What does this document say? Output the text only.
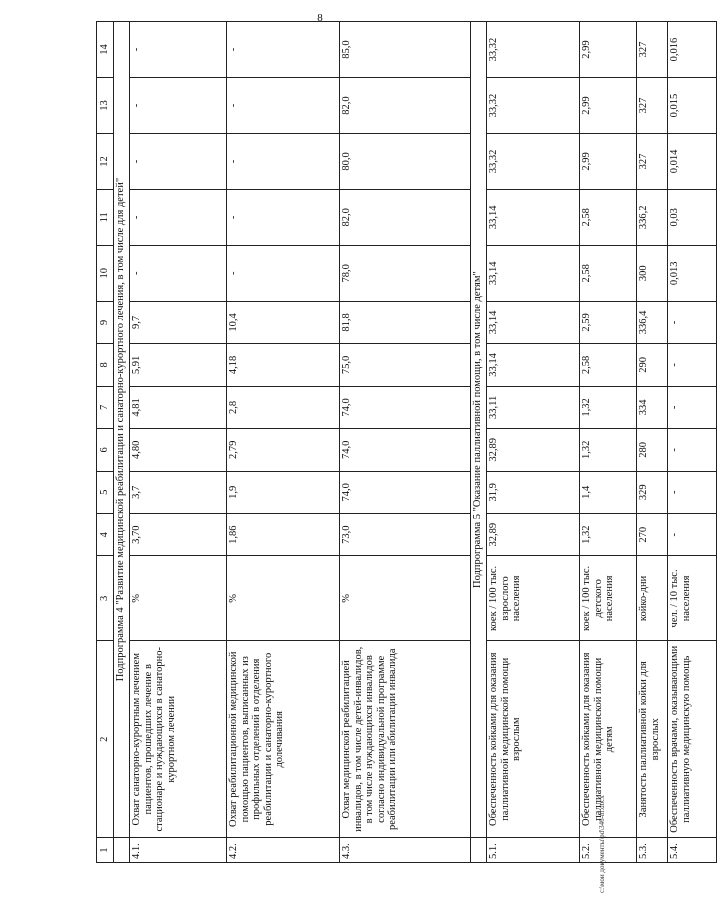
8
1	2	3	4	5	6	7	8	9	10	11	12	13	14
	Подпрограмма 4 "Развитие медицинской реабилитации и санаторно-курортного лечения, в том числе для детей"												
4.1.	Охват санаторно-курортным лечением пациентов, прошедших лечение в стационаре и нуждающихся в санаторно-курортном лечении	%	3,70	3,7	4,80	4,81	5,91	9,7	-	-	-	-	-
4.2.	Охват реабилитационной медицинской помощью пациентов, выписанных из профильных отделений в отделения реабилитации и санаторно-курортного долечивания	%	1,86	1,9	2,79	2,8	4,18	10,4	-	-	-	-	-
4.3.	Охват медицинской реабилитацией инвалидов, в том числе детей-инвалидов, в том числе нуждающихся инвалидов согласно индивидуальной программе реабилитации или абилитации инвалида	%	73,0	74,0	74,0	74,0	75,0	81,8	78,0	82,0	80,0	82,0	85,0
	Подпрограмма 5 "Оказание паллиативной помощи, в том числе детям"												
5.1.	Обеспеченность койками для оказания паллиативной медицинской помощи взрослым	коек / 100 тыс. взрослого населения	32,89	31,9	32,89	33,11	33,14	33,14	33,14	33,14	33,32	33,32	33,32
5.2.	Обеспеченность койками для оказания паллиативной медицинской помощи детям	коек / 100 тыс. детского населения	1,32	1,4	1,32	1,32	2,58	2,59	2,58	2,58	2,99	2,99	2,99
5.3.	Занятость паллиативной койки для взрослых	койко-дни	270	329	280	334	290	336,4	300	336,2	327	327	327
5.4.	Обеспеченность врачами, оказывающими паллиативную медицинскую помощь	чел. / 10 тыс. населения	-	-	-	-	-	-	0,013	0,03	0,014	0,015	0,016
c:\мои документы\pd\346-m.docx
